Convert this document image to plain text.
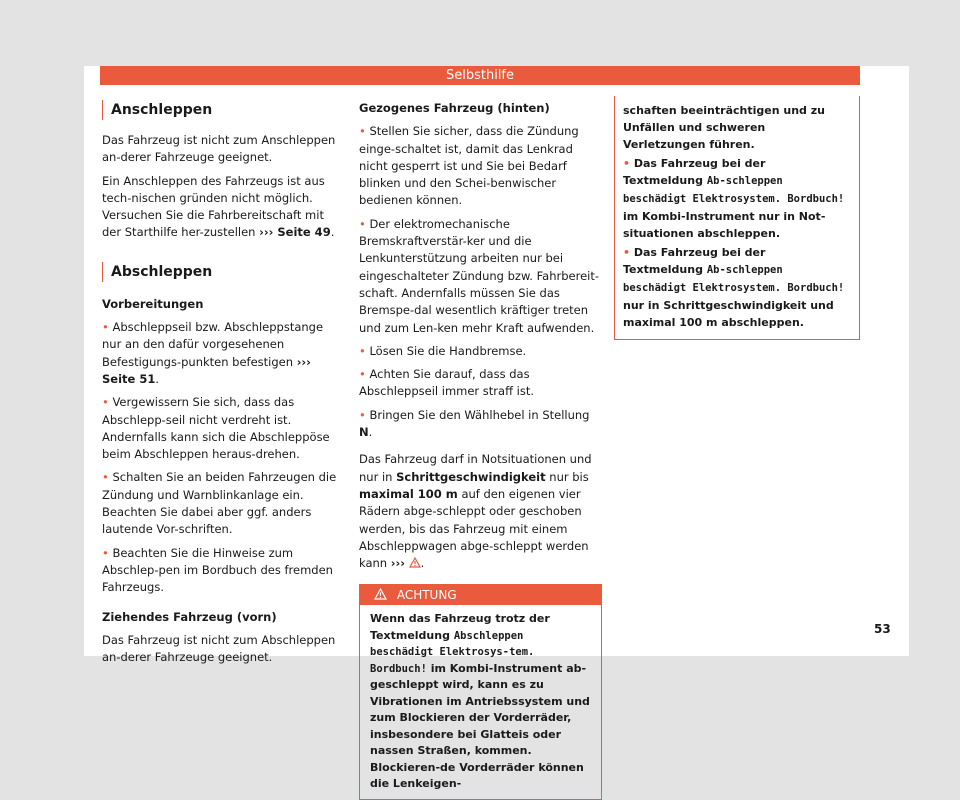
Selbsthilfe
Anschleppen

Das Fahrzeug ist nicht zum Anschleppen an-derer Fahrzeuge geeignet.

Ein Anschleppen des Fahrzeugs ist aus tech-nischen gründen nicht möglich. Versuchen Sie die Fahrbereitschaft mit der Starthilfe her-zustellen ››› Seite 49.

Abschleppen

Vorbereitungen

• Abschleppseil bzw. Abschleppstange nur an den dafür vorgesehenen Befestigungs-punkten befestigen ››› Seite 51.

• Vergewissern Sie sich, dass das Abschlepp-seil nicht verdreht ist. Andernfalls kann sich die Abschleppöse beim Abschleppen heraus-drehen.

• Schalten Sie an beiden Fahrzeugen die Zündung und Warnblinkanlage ein. Beachten Sie dabei aber ggf. anders lautende Vor-schriften.

• Beachten Sie die Hinweise zum Abschlep-pen im Bordbuch des fremden Fahrzeugs.

Ziehendes Fahrzeug (vorn)

Das Fahrzeug ist nicht zum Abschleppen an-derer Fahrzeuge geeignet.

Gezogenes Fahrzeug (hinten)

• Stellen Sie sicher, dass die Zündung einge-schaltet ist, damit das Lenkrad nicht gesperrt ist und Sie bei Bedarf blinken und den Schei-benwischer bedienen können.

• Der elektromechanische Bremskraftverstär-ker und die Lenkunterstützung arbeiten nur bei eingeschalteter Zündung bzw. Fahrbereit-schaft. Andernfalls müssen Sie das Bremspe-dal wesentlich kräftiger treten und zum Len-ken mehr Kraft aufwenden.

• Lösen Sie die Handbremse.

• Achten Sie darauf, dass das Abschleppseil immer straff ist.

• Bringen Sie den Wählhebel in Stellung N.

Das Fahrzeug darf in Notsituationen und nur in Schrittgeschwindigkeit nur bis maximal 100 m auf den eigenen vier Rädern abge-schleppt oder geschoben werden, bis das Fahrzeug mit einem Abschleppwagen abge-schleppt werden kann ››› .

ACHTUNG
Wenn das Fahrzeug trotz der Textmeldung Abschleppen beschädigt Elektrosys-tem. Bordbuch! im Kombi-Instrument ab-geschleppt wird, kann es zu Vibrationen im Antriebssystem und zum Blockieren der Vorderräder, insbesondere bei Glatteis oder nassen Straßen, kommen. Blockieren-de Vorderräder können die Lenkeigen-

schaften beeinträchtigen und zu Unfällen und schweren Verletzungen führen.

• Das Fahrzeug bei der Textmeldung Ab-schleppen beschädigt Elektrosystem. Bordbuch! im Kombi-Instrument nur in Not-situationen abschleppen.

• Das Fahrzeug bei der Textmeldung Ab-schleppen beschädigt Elektrosystem. Bordbuch! nur in Schrittgeschwindigkeit und maximal 100 m abschleppen.

53
